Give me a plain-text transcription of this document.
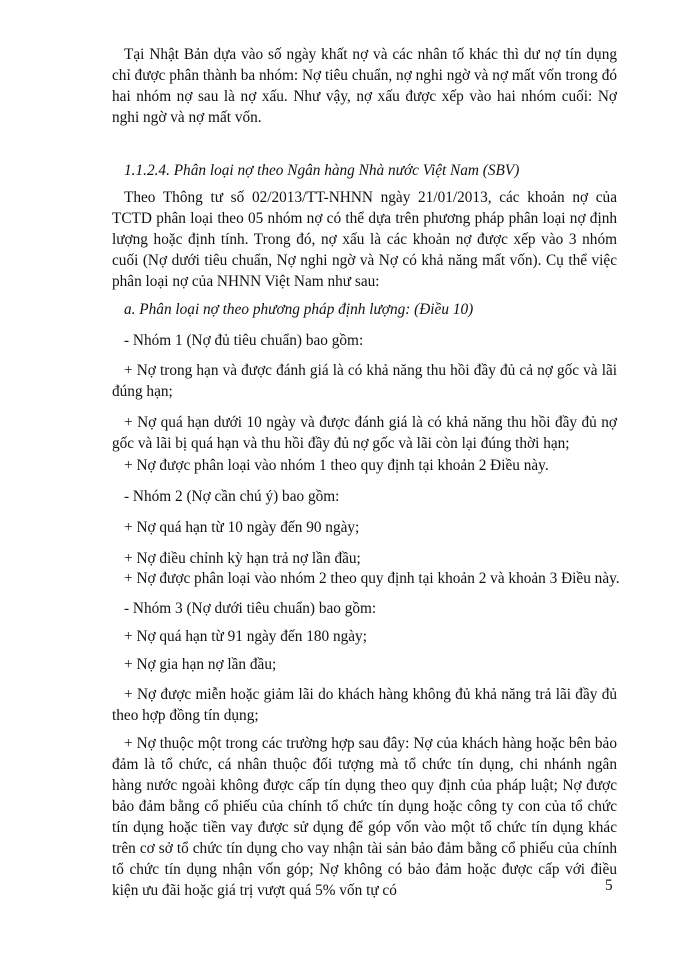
Tại Nhật Bản dựa vào số ngày khất nợ và các nhân tố khác thì dư nợ tín dụng chỉ được phân thành ba nhóm: Nợ tiêu chuẩn, nợ nghi ngờ và nợ mất vốn trong đó hai nhóm nợ sau là nợ xấu. Như vậy, nợ xấu được xếp vào hai nhóm cuối: Nợ nghi ngờ và nợ mất vốn.

1.1.2.4. Phân loại nợ theo Ngân hàng Nhà nước Việt Nam (SBV)

Theo Thông tư số 02/2013/TT-NHNN ngày 21/01/2013, các khoản nợ của TCTD phân loại theo 05 nhóm nợ có thể dựa trên phương pháp phân loại nợ định lượng hoặc định tính. Trong đó, nợ xấu là các khoản nợ được xếp vào 3 nhóm cuối (Nợ dưới tiêu chuẩn, Nợ nghi ngờ và Nợ có khả năng mất vốn). Cụ thể việc phân loại nợ của NHNN Việt Nam như sau:

a. Phân loại nợ theo phương pháp định lượng: (Điều 10)

- Nhóm 1 (Nợ đủ tiêu chuẩn) bao gồm:

+ Nợ trong hạn và được đánh giá là có khả năng thu hồi đầy đủ cả nợ gốc và lãi đúng hạn;

+ Nợ quá hạn dưới 10 ngày và được đánh giá là có khả năng thu hồi đầy đủ nợ gốc và lãi bị quá hạn và thu hồi đầy đủ nợ gốc và lãi còn lại đúng thời hạn;

+ Nợ được phân loại vào nhóm 1 theo quy định tại khoản 2 Điều này.

- Nhóm 2 (Nợ cần chú ý) bao gồm:

+ Nợ quá hạn từ 10 ngày đến 90 ngày;

+ Nợ điều chỉnh kỳ hạn trả nợ lần đầu;

+ Nợ được phân loại vào nhóm 2 theo quy định tại khoản 2 và khoản 3 Điều này.

- Nhóm 3 (Nợ dưới tiêu chuẩn) bao gồm:

+ Nợ quá hạn từ 91 ngày đến 180 ngày;

+ Nợ gia hạn nợ lần đầu;

+ Nợ được miễn hoặc giảm lãi do khách hàng không đủ khả năng trả lãi đầy đủ theo hợp đồng tín dụng;

+ Nợ thuộc một trong các trường hợp sau đây: Nợ của khách hàng hoặc bên bảo đảm là tổ chức, cá nhân thuộc đối tượng mà tổ chức tín dụng, chi nhánh ngân hàng nước ngoài không được cấp tín dụng theo quy định của pháp luật; Nợ được bảo đảm bằng cổ phiếu của chính tổ chức tín dụng hoặc công ty con của tổ chức tín dụng hoặc tiền vay được sử dụng để góp vốn vào một tổ chức tín dụng khác trên cơ sở tổ chức tín dụng cho vay nhận tài sản bảo đảm bằng cổ phiếu của chính tổ chức tín dụng nhận vốn góp; Nợ không có bảo đảm hoặc được cấp với điều kiện ưu đãi hoặc giá trị vượt quá 5% vốn tự có	5
